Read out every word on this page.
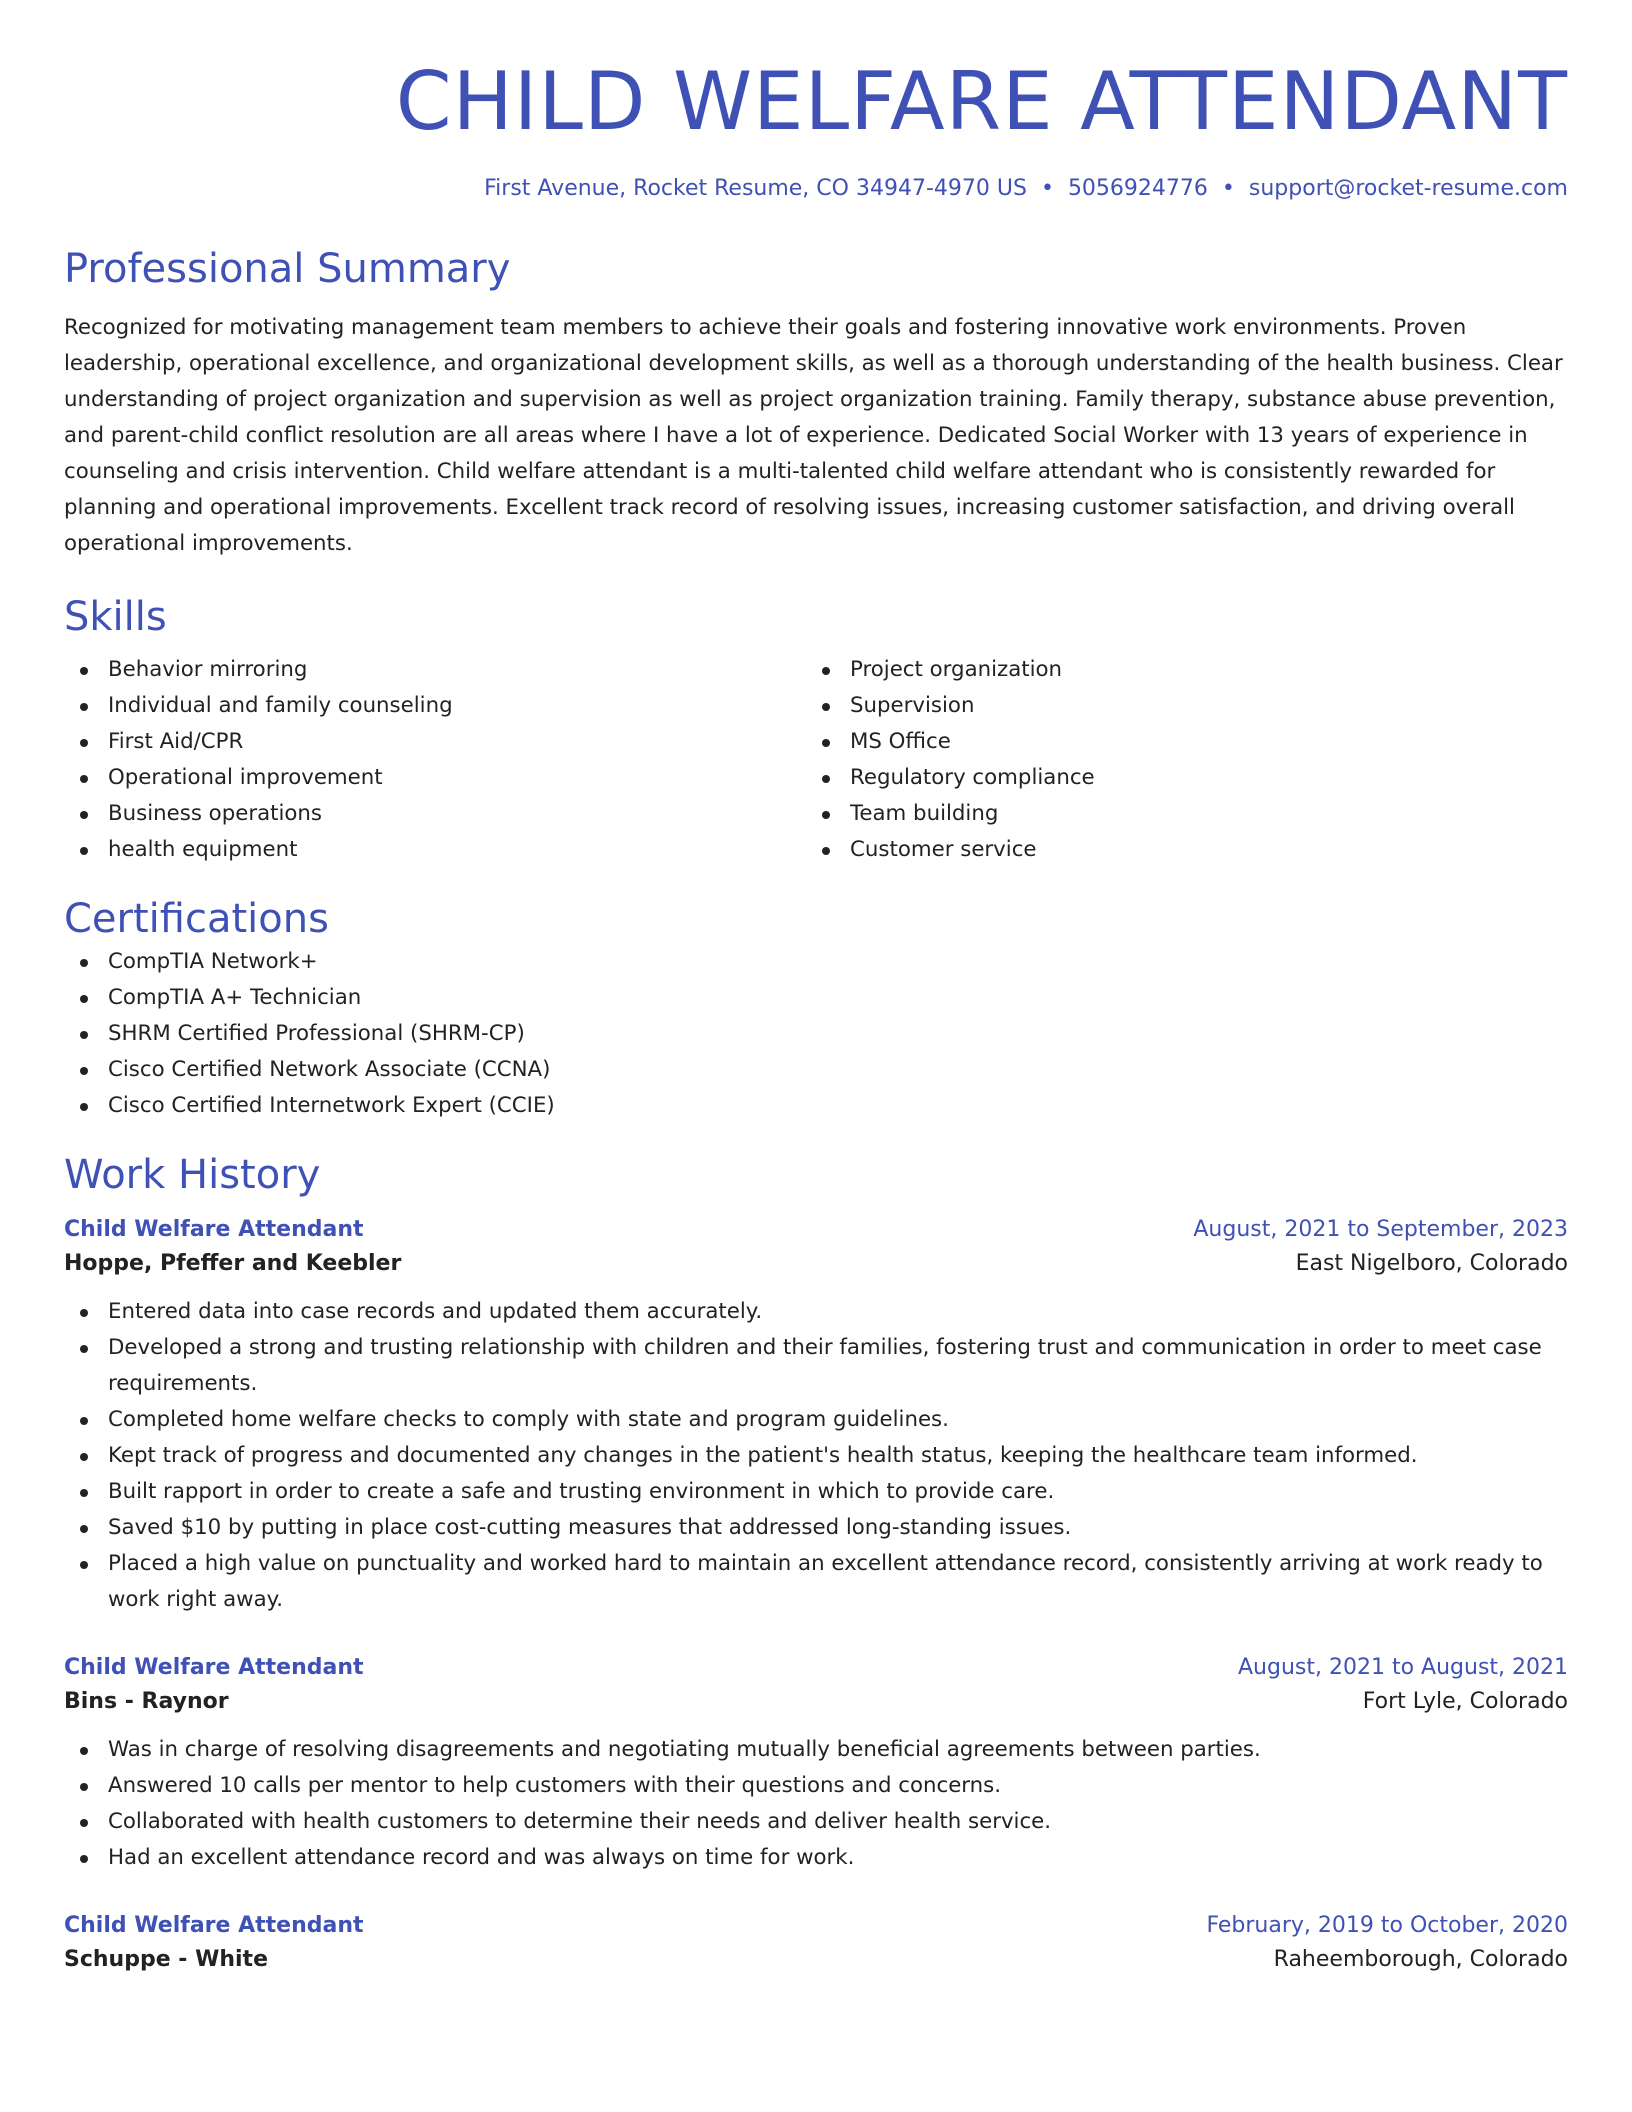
CHILD WELFARE ATTENDANT
First Avenue, Rocket Resume, CO 34947-4970 US • 5056924776 • support@rocket-resume.com
Professional Summary

Recognized for motivating management team members to achieve their goals and fostering innovative work environments. Proven leadership, operational excellence, and organizational development skills, as well as a thorough understanding of the health business. Clear understanding of project organization and supervision as well as project organization training. Family therapy, substance abuse prevention, and parent-child conflict resolution are all areas where I have a lot of experience. Dedicated Social Worker with 13 years of experience in counseling and crisis intervention. Child welfare attendant is a multi-talented child welfare attendant who is consistently rewarded for planning and operational improvements. Excellent track record of resolving issues, increasing customer satisfaction, and driving overall operational improvements.

Skills
Behavior mirroring
Individual and family counseling
First Aid/CPR
Operational improvement
Business operations
health equipment
Project organization
Supervision
MS Office
Regulatory compliance
Team building
Customer service
Certifications
CompTIA Network+
CompTIA A+ Technician
SHRM Certified Professional (SHRM-CP)
Cisco Certified Network Associate (CCNA)
Cisco Certified Internetwork Expert (CCIE)
Work History
Child Welfare Attendant	August, 2021 to September, 2023
Hoppe, Pfeffer and Keebler	East Nigelboro, Colorado
Entered data into case records and updated them accurately.
Developed a strong and trusting relationship with children and their families, fostering trust and communication in order to meet case requirements.
Completed home welfare checks to comply with state and program guidelines.
Kept track of progress and documented any changes in the patient's health status, keeping the healthcare team informed.
Built rapport in order to create a safe and trusting environment in which to provide care.
Saved $10 by putting in place cost-cutting measures that addressed long-standing issues.
Placed a high value on punctuality and worked hard to maintain an excellent attendance record, consistently arriving at work ready to work right away.
Child Welfare Attendant	August, 2021 to August, 2021
Bins - Raynor	Fort Lyle, Colorado
Was in charge of resolving disagreements and negotiating mutually beneficial agreements between parties.
Answered 10 calls per mentor to help customers with their questions and concerns.
Collaborated with health customers to determine their needs and deliver health service.
Had an excellent attendance record and was always on time for work.
Child Welfare Attendant	February, 2019 to October, 2020
Schuppe - White	Raheemborough, Colorado
